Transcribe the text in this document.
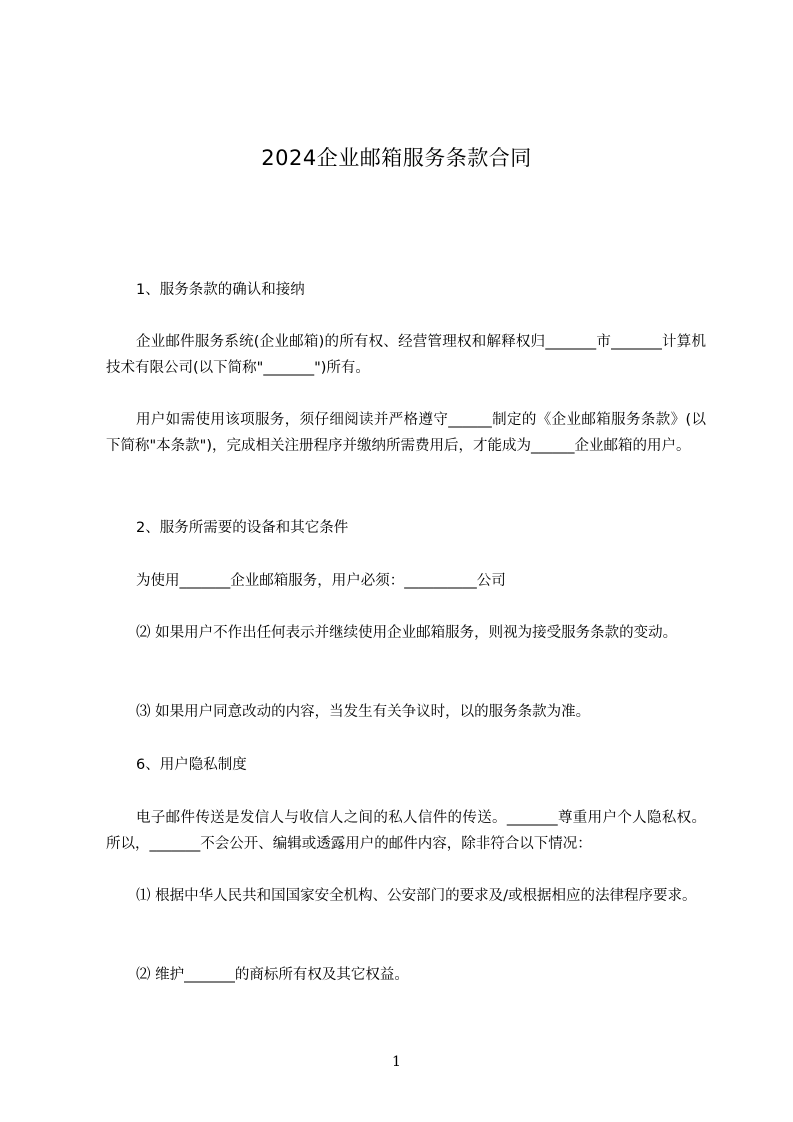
2024企业邮箱服务条款合同

1、服务条款的确认和接纳

企业邮件服务系统(企业邮箱)的所有权、经营管理权和解释权归_______市_______计算机技术有限公司(以下简称"_______")所有。

用户如需使用该项服务，须仔细阅读并严格遵守______制定的《企业邮箱服务条款》(以下简称"本条款")，完成相关注册程序并缴纳所需费用后，才能成为______企业邮箱的用户。

2、服务所需要的设备和其它条件

为使用_______企业邮箱服务，用户必须：__________公司

⑵ 如果用户不作出任何表示并继续使用企业邮箱服务，则视为接受服务条款的变动。

⑶ 如果用户同意改动的内容，当发生有关争议时，以的服务条款为准。

6、用户隐私制度

电子邮件传送是发信人与收信人之间的私人信件的传送。_______尊重用户个人隐私权。所以，_______不会公开、编辑或透露用户的邮件内容，除非符合以下情况：

⑴ 根据中华人民共和国国家安全机构、公安部门的要求及/或根据相应的法律程序要求。

⑵ 维护_______的商标所有权及其它权益。

1
